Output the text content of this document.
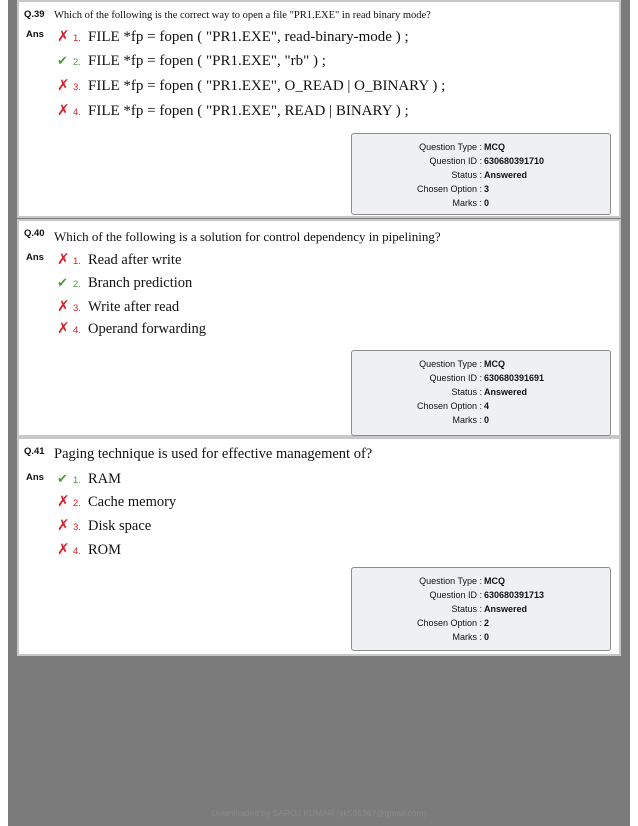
Q.39 Which of the following is the correct way to open a file "PR1.EXE" in read binary mode?
Ans ✗ 1. FILE *fp = fopen ( "PR1.EXE", read-binary-mode ) ;
✔ 2. FILE *fp = fopen ( "PR1.EXE", "rb" ) ;
✗ 3. FILE *fp = fopen ( "PR1.EXE", O_READ | O_BINARY ) ;
✗ 4. FILE *fp = fopen ( "PR1.EXE", READ | BINARY ) ;
Question Type : MCQ
Question ID : 630680391710
Status : Answered
Chosen Option : 3
Marks : 0
Q.40 Which of the following is a solution for control dependency in pipelining?
Ans ✗ 1. Read after write
✔ 2. Branch prediction
✗ 3. Write after read
✗ 4. Operand forwarding
Question Type : MCQ
Question ID : 630680391691
Status : Answered
Chosen Option : 4
Marks : 0
Q.41 Paging technique is used for effective management of?
Ans ✔ 1. RAM
✗ 2. Cache memory
✗ 3. Disk space
✗ 4. ROM
Question Type : MCQ
Question ID : 630680391713
Status : Answered
Chosen Option : 2
Marks : 0
Downloaded by SAROJ KUMAR (sk596367@gmail.com)
